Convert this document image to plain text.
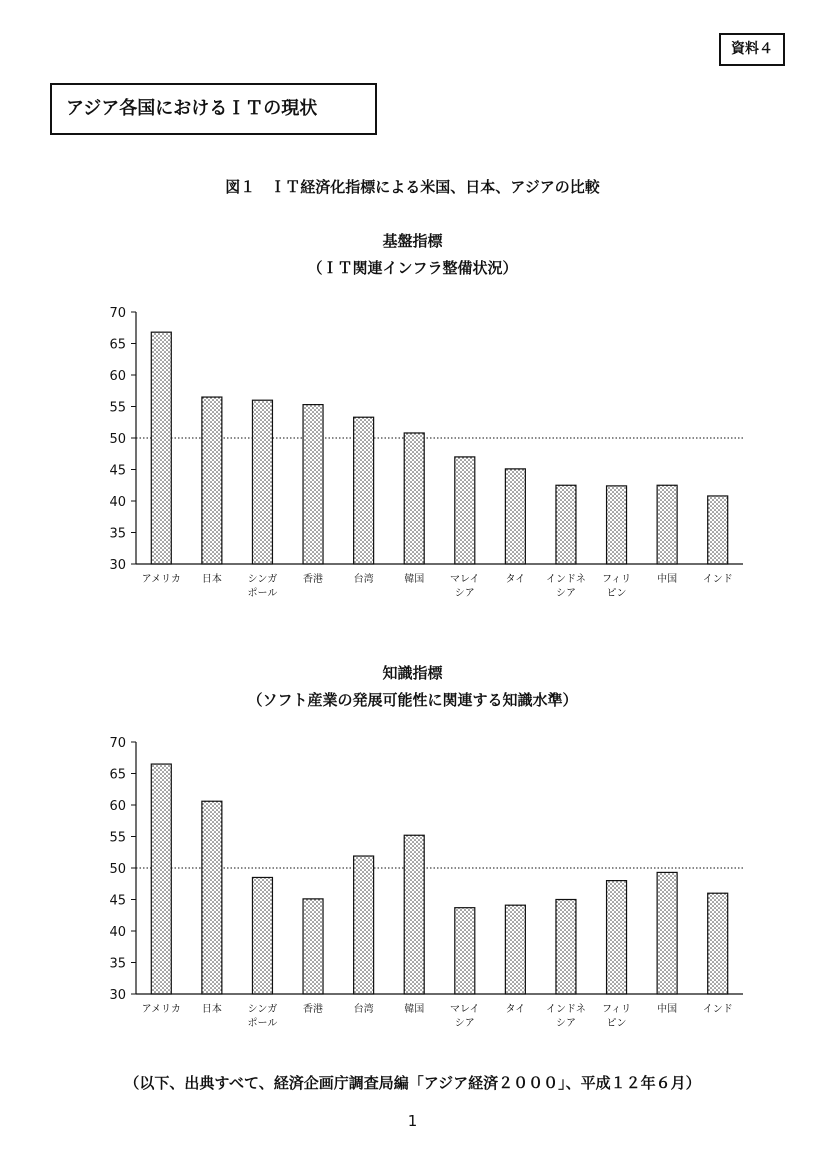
資料４
アジア各国におけるＩＴの現状
図１　ＩＴ経済化指標による米国、日本、アジアの比較
基盤指標
（ＩＴ関連インフラ整備状況）
30
35
40
45
50
55
60
65
70
アメリカ 日本	シンガポール
香港	台湾	韓国	マレイシア
タイ インドネシア
フィリピン
中国	インド
知識指標
（ソフト産業の発展可能性に関連する知識水準）
30
35
40
45
50
55
60
65
70
アメリカ 日本	シンガポール
香港	台湾	韓国	マレイシア
タイ インドネシア
フィリピン
中国	インド
（以下、出典すべて、経済企画庁調査局編「アジア経済２０００」、平成１２年６月）
1
